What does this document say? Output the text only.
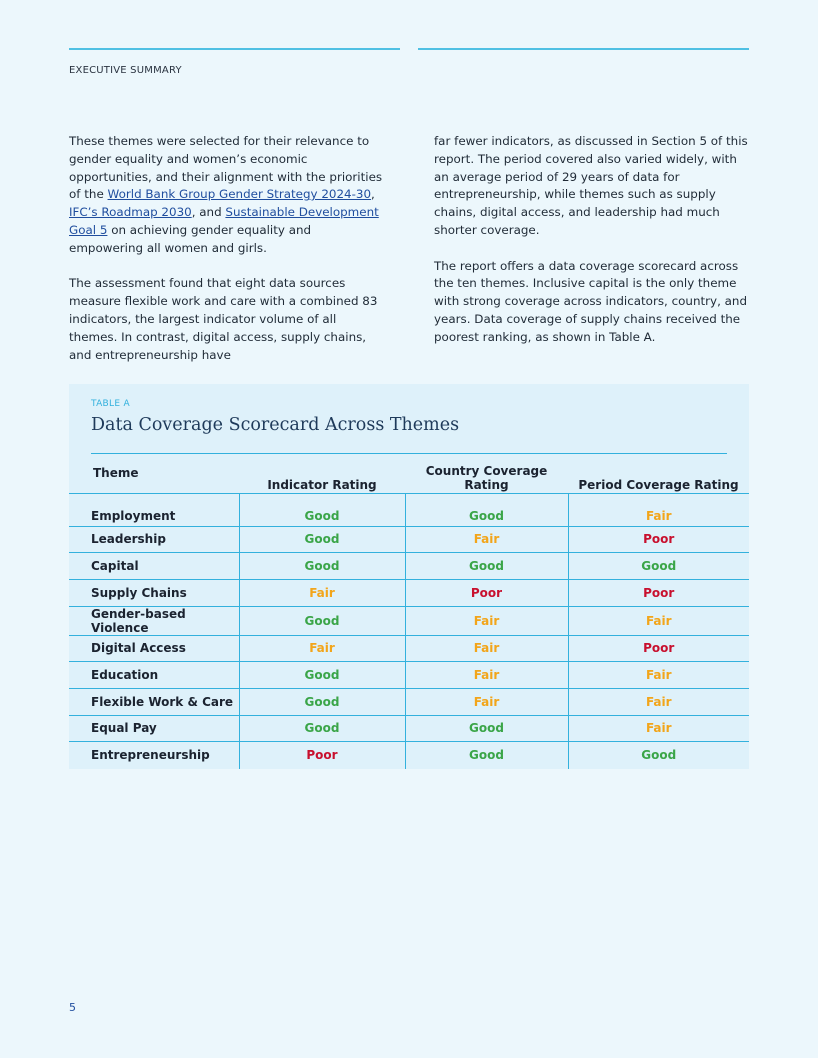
EXECUTIVE SUMMARY

These themes were selected for their relevance to gender equality and women’s economic opportunities, and their alignment with the priorities of the World Bank Group Gender Strategy 2024-30, IFC’s Roadmap 2030, and Sustainable Development Goal 5 on achieving gender equality and empowering all women and girls.

The assessment found that eight data sources measure flexible work and care with a combined 83 indicators, the largest indicator volume of all themes. In contrast, digital access, supply chains, and entrepreneurship have

far fewer indicators, as discussed in Section 5 of this report. The period covered also varied widely, with an average period of 29 years of data for entrepreneurship, while themes such as supply chains, digital access, and leadership had much shorter coverage.

The report offers a data coverage scorecard across the ten themes. Inclusive capital is the only theme with strong coverage across indicators, country, and years. Data coverage of supply chains received the poorest ranking, as shown in Table A.

TABLE A
Data Coverage Scorecard Across Themes
Theme	Indicator Rating	Country Coverage Rating	Period Coverage Rating
Employment	Good	Good	Fair
Leadership	Good	Fair	Poor
Capital	Good	Good	Good
Supply Chains	Fair	Poor	Poor
Gender-based Violence	Good	Fair	Fair
Digital Access	Fair	Fair	Poor
Education	Good	Fair	Fair
Flexible Work & Care	Good	Fair	Fair
Equal Pay	Good	Good	Fair
Entrepreneurship	Poor	Good	Good
5
